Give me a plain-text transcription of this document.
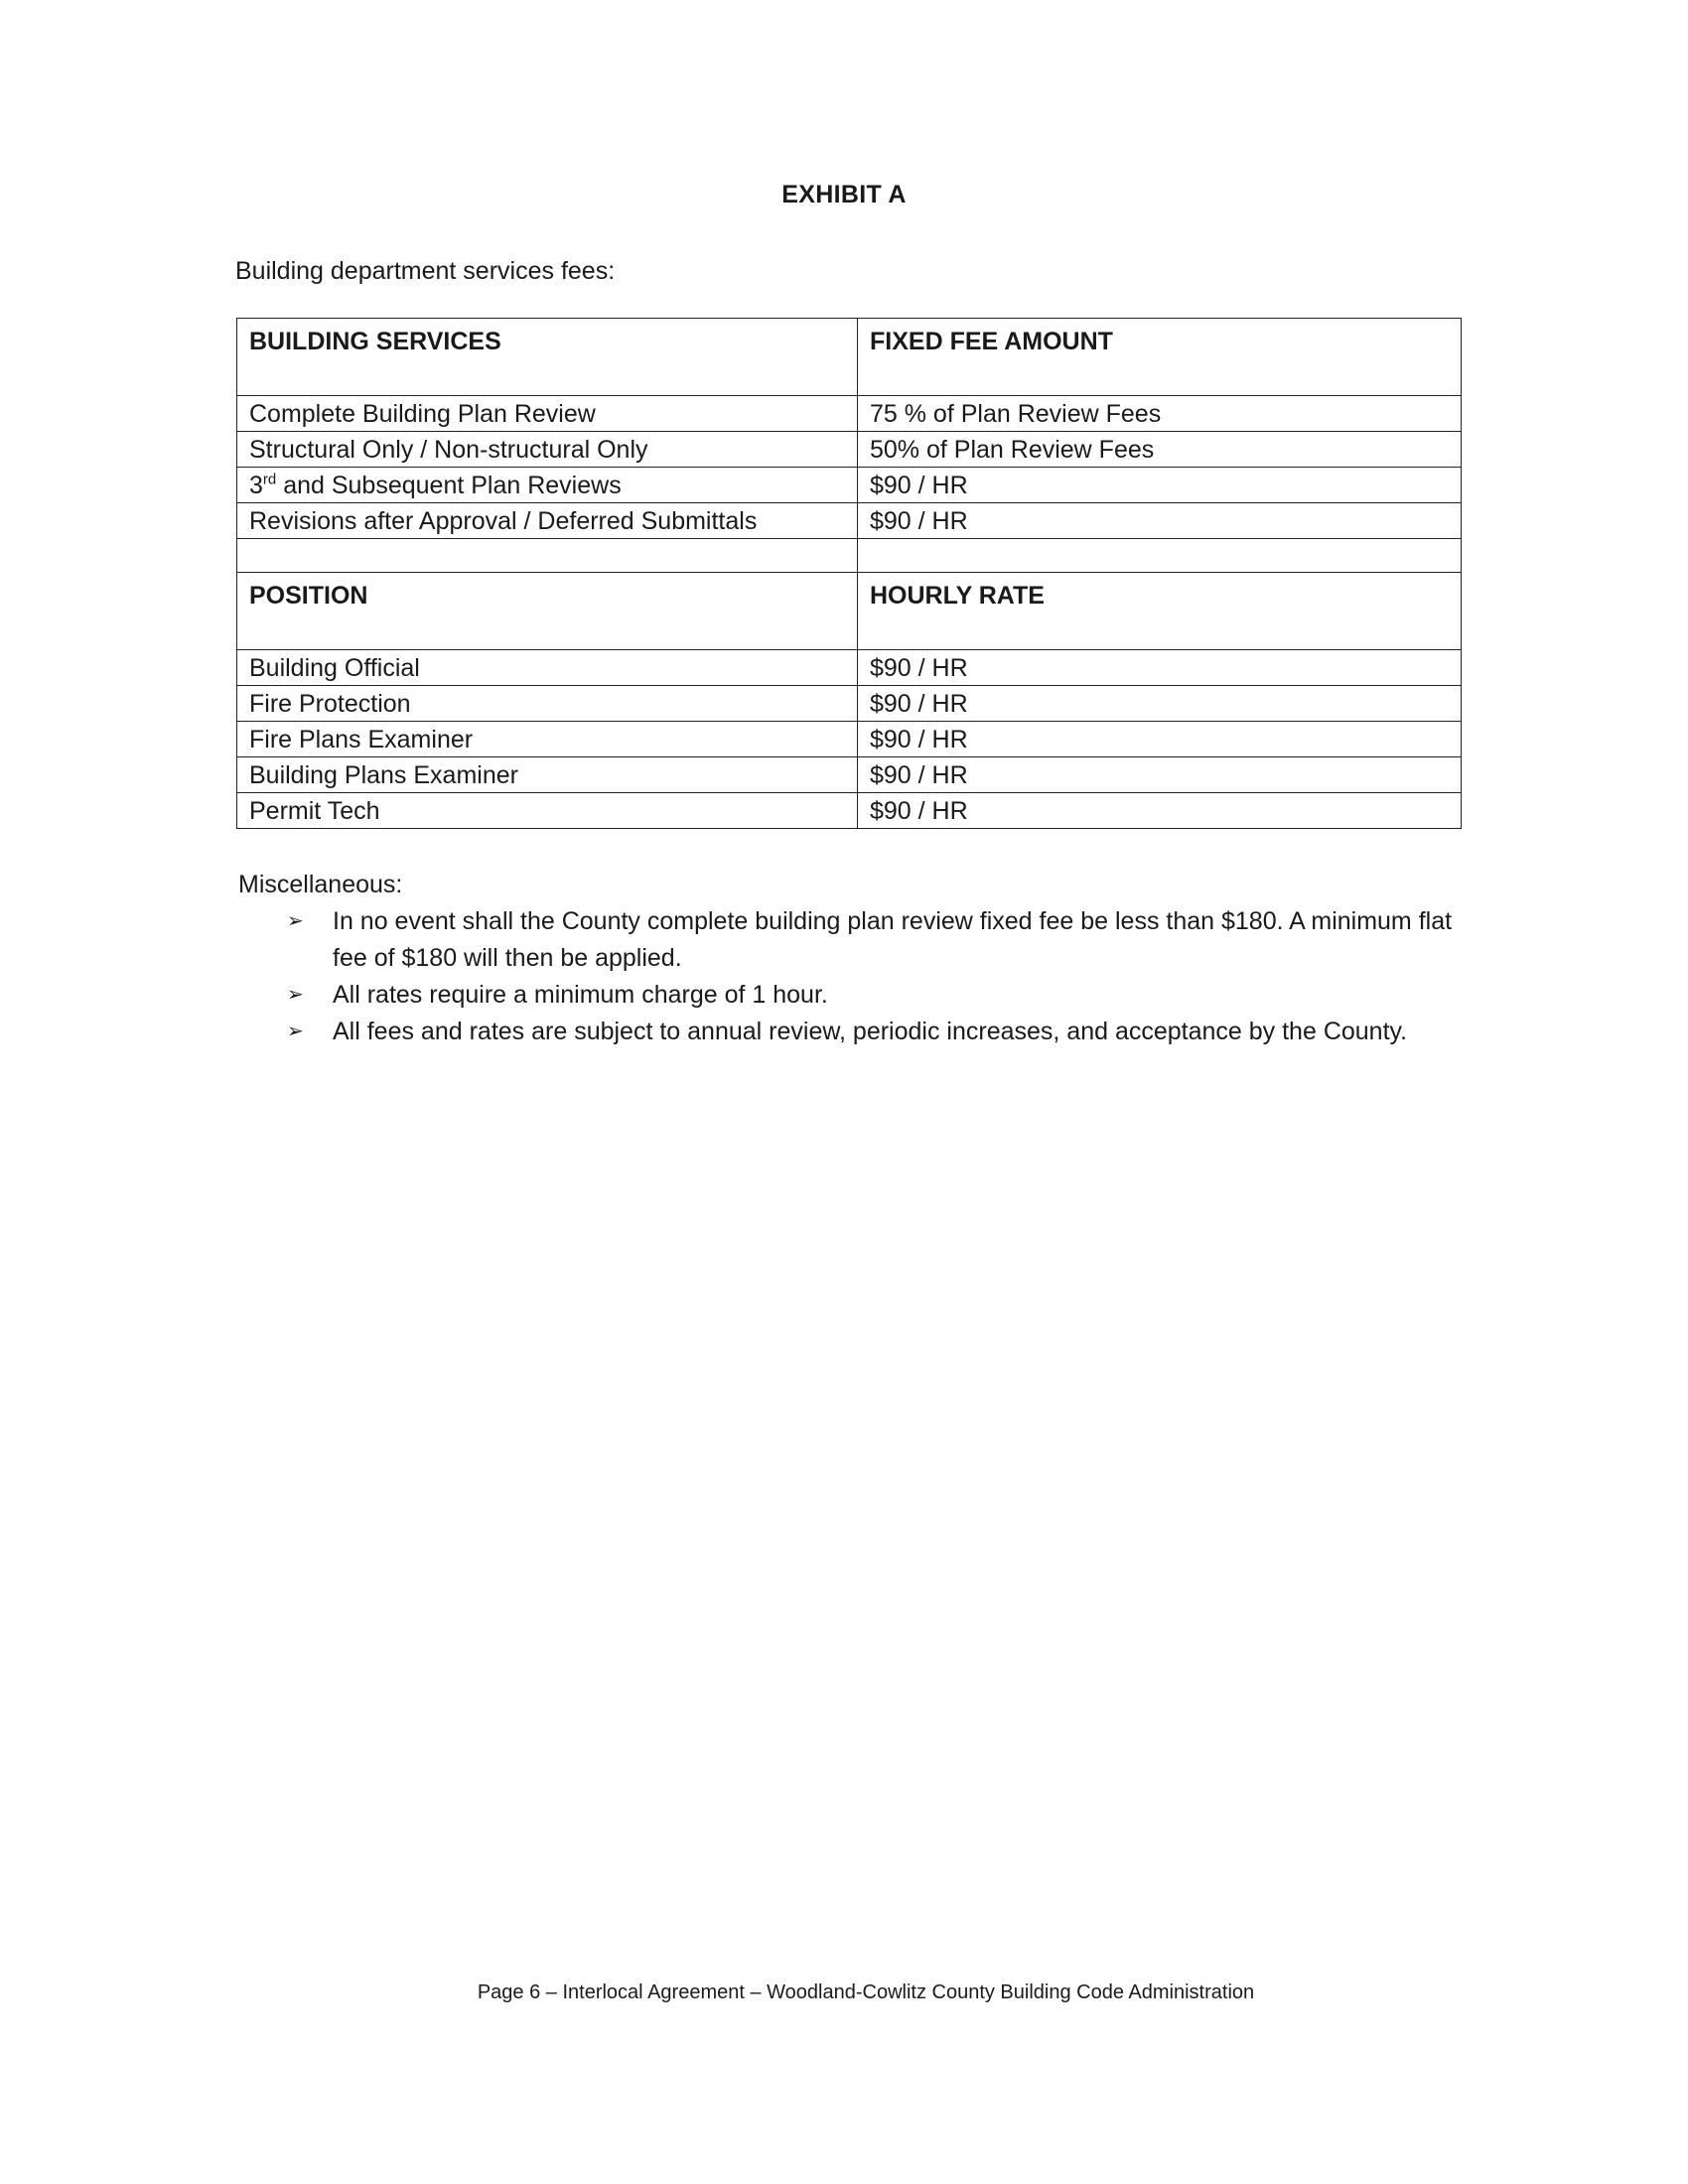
EXHIBIT A
Building department services fees:
BUILDING SERVICES	FIXED FEE AMOUNT
Complete Building Plan Review	75 % of Plan Review Fees
Structural Only / Non-structural Only	50% of Plan Review Fees
3rd and Subsequent Plan Reviews	$90 / HR
Revisions after Approval / Deferred Submittals	$90 / HR

POSITION	HOURLY RATE
Building Official	$90 / HR
Fire Protection	$90 / HR
Fire Plans Examiner	$90 / HR
Building Plans Examiner	$90 / HR
Permit Tech	$90 / HR
Miscellaneous:
➢ In no event shall the County complete building plan review fixed fee be less than $180. A minimum flat fee of $180 will then be applied.
➢ All rates require a minimum charge of 1 hour.
➢ All fees and rates are subject to annual review, periodic increases, and acceptance by the County.
Page 6 – Interlocal Agreement – Woodland-Cowlitz County Building Code Administration
